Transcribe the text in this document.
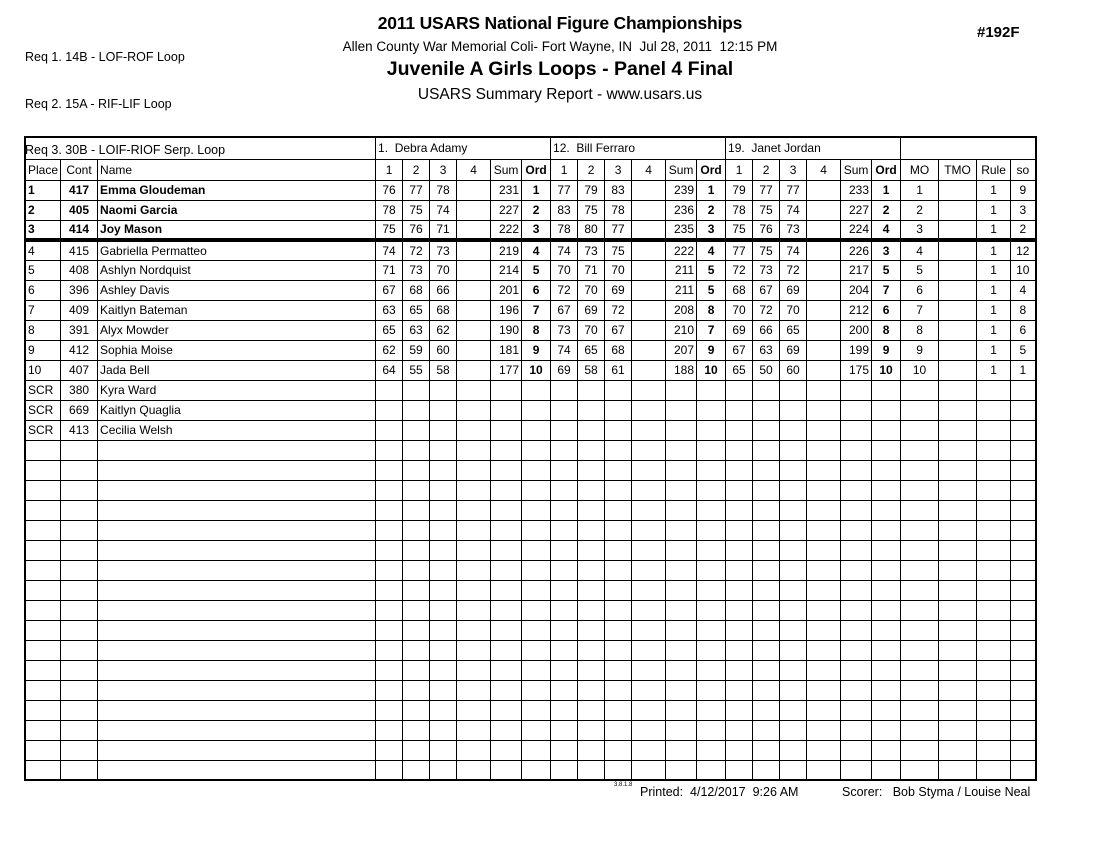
Req 1. 14B - LOF-ROF Loop

Req 2. 15A - RIF-LIF Loop

Req 3. 30B - LOIF-RIOF Serp. Loop

2011 USARS National Figure Championships
Allen County War Memorial Coli- Fort Wayne, IN  Jul 28, 2011  12:15 PM
Juvenile A Girls Loops - Panel 4 Final
USARS Summary Report - www.usars.us
#192F
			1.  Debra Adamy						12.  Bill Ferraro						19.  Janet Jordan									
Place	Cont	Name	1	2	3	4	Sum	Ord	1	2	3	4	Sum	Ord	1	2	3	4	Sum	Ord	MO	TMO	Rule	so
1	417	Emma Gloudeman	76	77	78		231	1	77	79	83		239	1	79	77	77		233	1	1		1	9
2	405	Naomi Garcia	78	75	74		227	2	83	75	78		236	2	78	75	74		227	2	2		1	3
3	414	Joy Mason	75	76	71		222	3	78	80	77		235	3	75	76	73		224	4	3		1	2
4	415	Gabriella Permatteo	74	72	73		219	4	74	73	75		222	4	77	75	74		226	3	4		1	12
5	408	Ashlyn Nordquist	71	73	70		214	5	70	71	70		211	5	72	73	72		217	5	5		1	10
6	396	Ashley Davis	67	68	66		201	6	72	70	69		211	5	68	67	69		204	7	6		1	4
7	409	Kaitlyn Bateman	63	65	68		196	7	67	69	72		208	8	70	72	70		212	6	7		1	8
8	391	Alyx Mowder	65	63	62		190	8	73	70	67		210	7	69	66	65		200	8	8		1	6
9	412	Sophia Moise	62	59	60		181	9	74	65	68		207	9	67	63	69		199	9	9		1	5
10	407	Jada Bell	64	55	58		177	10	69	58	61		188	10	65	50	60		175	10	10		1	1
SCR	380	Kyra Ward																						
SCR	669	Kaitlyn Quaglia																						
SCR	413	Cecilia Welsh																						

3.8.1.8 Printed:  4/12/2017  9:26 AM	Scorer:   Bob Styma / Louise Neal
